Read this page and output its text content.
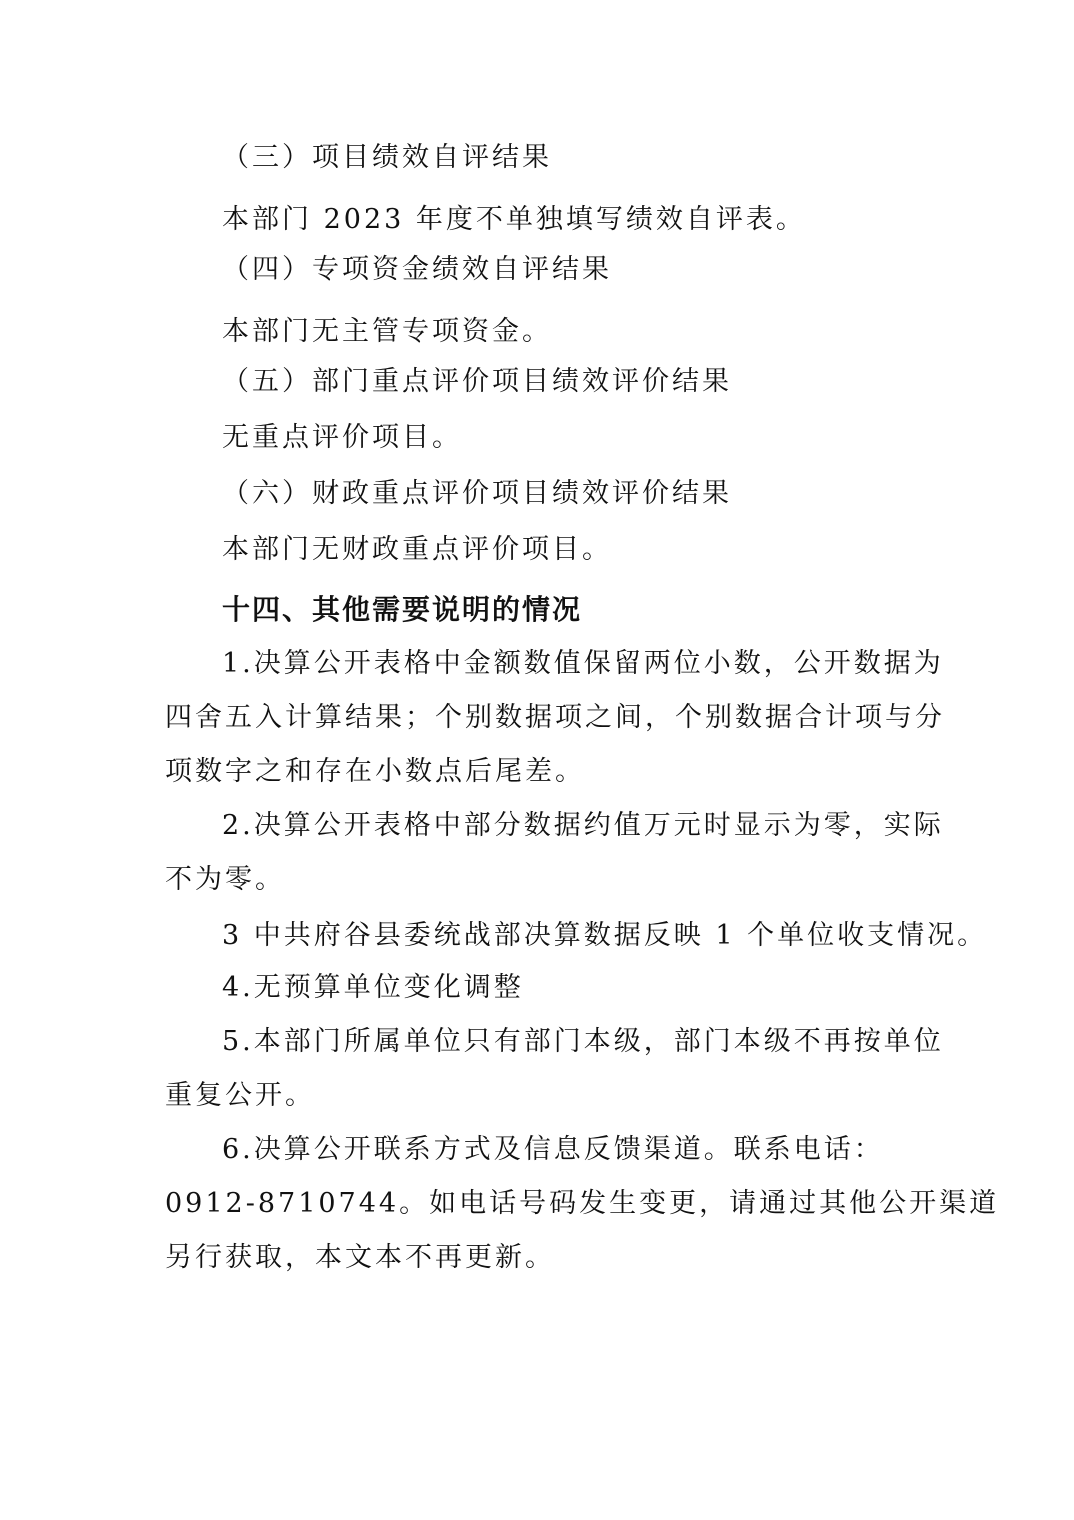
（三）项目绩效自评结果
本部门 2023 年度不单独填写绩效自评表。
（四）专项资金绩效自评结果
本部门无主管专项资金。
（五）部门重点评价项目绩效评价结果
无重点评价项目。
（六）财政重点评价项目绩效评价结果
本部门无财政重点评价项目。
十四、其他需要说明的情况
1.决算公开表格中金额数值保留两位小数，公开数据为
四舍五入计算结果；个别数据项之间，个别数据合计项与分
项数字之和存在小数点后尾差。
2.决算公开表格中部分数据约值万元时显示为零，实际
不为零。
3 中共府谷县委统战部决算数据反映 1 个单位收支情况。
4.无预算单位变化调整
5.本部门所属单位只有部门本级，部门本级不再按单位
重复公开。
6.决算公开联系方式及信息反馈渠道。联系电话：
0912-8710744。如电话号码发生变更，请通过其他公开渠道
另行获取，本文本不再更新。
